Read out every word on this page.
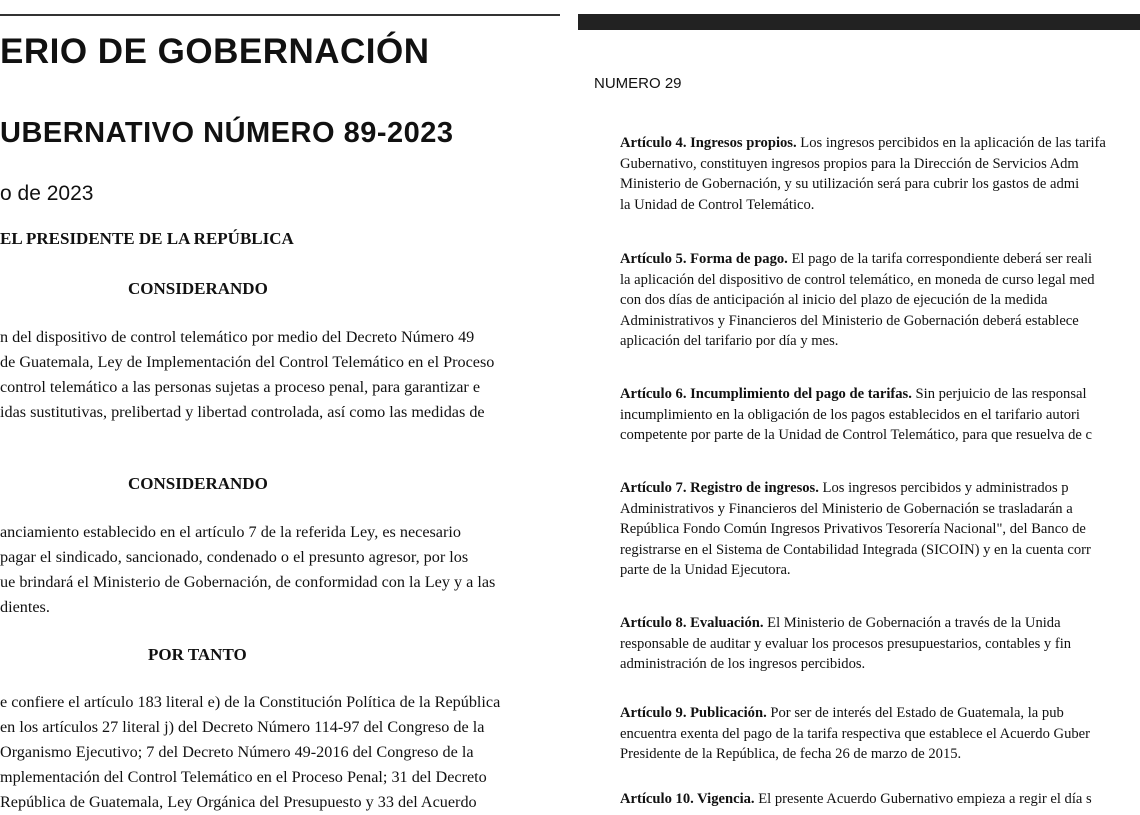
ERIO DE GOBERNACIÓN
UBERNATIVO NÚMERO 89-2023
o de 2023
EL PRESIDENTE DE LA REPÚBLICA
CONSIDERANDO
n del dispositivo de control telemático por medio del Decreto Número 49
de Guatemala, Ley de Implementación del Control Telemático en el Proceso
control telemático a las personas sujetas a proceso penal, para garantizar e
idas sustitutivas, prelibertad y libertad controlada, así como las medidas de
CONSIDERANDO
anciamiento establecido en el artículo 7 de la referida Ley, es necesario
pagar el sindicado, sancionado, condenado o el presunto agresor, por los
ue brindará el Ministerio de Gobernación, de conformidad con la Ley y a las
dientes.
POR TANTO
e confiere el artículo 183 literal e) de la Constitución Política de la República
en los artículos 27 literal j) del Decreto Número 114-97 del Congreso de la
Organismo Ejecutivo; 7 del Decreto Número 49-2016 del Congreso de la
mplementación del Control Telemático en el Proceso Penal; 31 del Decreto
República de Guatemala, Ley Orgánica del Presupuesto y 33 del Acuerdo
NUMERO 29
Artículo 4. Ingresos propios. Los ingresos percibidos en la aplicación de las tarifa
Gubernativo, constituyen ingresos propios para la Dirección de Servicios Adm
Ministerio de Gobernación, y su utilización será para cubrir los gastos de admi
la Unidad de Control Telemático.
Artículo 5. Forma de pago. El pago de la tarifa correspondiente deberá ser reali
la aplicación del dispositivo de control telemático, en moneda de curso legal med
con dos días de anticipación al inicio del plazo de ejecución de la medida
Administrativos y Financieros del Ministerio de Gobernación deberá establece
aplicación del tarifario por día y mes.
Artículo 6. Incumplimiento del pago de tarifas. Sin perjuicio de las responsal
incumplimiento en la obligación de los pagos establecidos en el tarifario autori
competente por parte de la Unidad de Control Telemático, para que resuelva de c
Artículo 7. Registro de ingresos. Los ingresos percibidos y administrados p
Administrativos y Financieros del Ministerio de Gobernación se trasladarán a
República Fondo Común Ingresos Privativos Tesorería Nacional", del Banco de
registrarse en el Sistema de Contabilidad Integrada (SICOIN) y en la cuenta corr
parte de la Unidad Ejecutora.
Artículo 8. Evaluación. El Ministerio de Gobernación a través de la Unida
responsable de auditar y evaluar los procesos presupuestarios, contables y fin
administración de los ingresos percibidos.
Artículo 9. Publicación. Por ser de interés del Estado de Guatemala, la pub
encuentra exenta del pago de la tarifa respectiva que establece el Acuerdo Guber
Presidente de la República, de fecha 26 de marzo de 2015.
Artículo 10. Vigencia. El presente Acuerdo Gubernativo empieza a regir el día s
